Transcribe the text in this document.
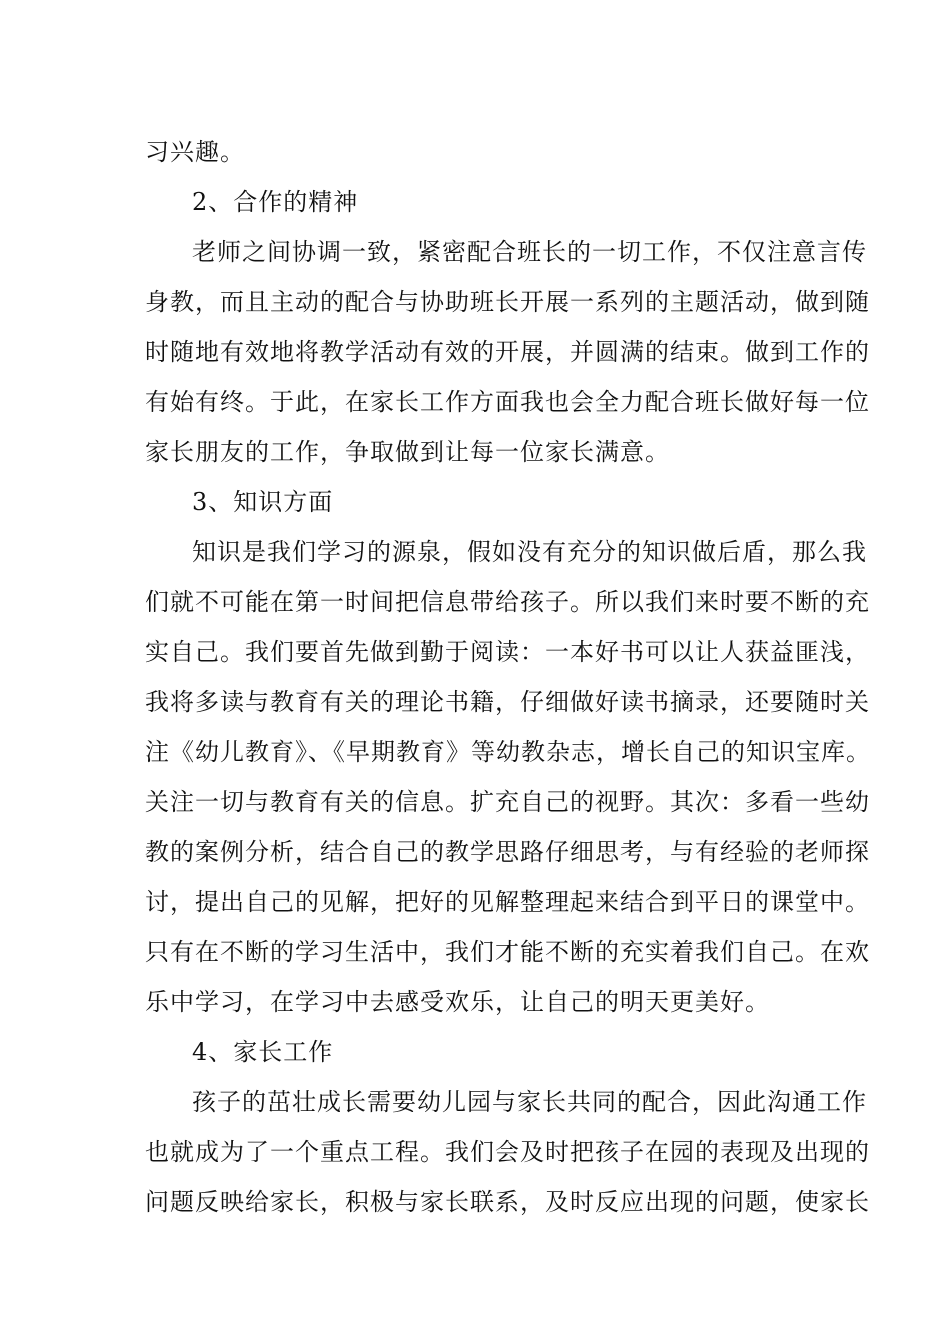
习兴趣。
2、合作的精神
老师之间协调一致，紧密配合班长的一切工作，不仅注意言传
身教，而且主动的配合与协助班长开展一系列的主题活动，做到随
时随地有效地将教学活动有效的开展，并圆满的结束。做到工作的
有始有终。于此，在家长工作方面我也会全力配合班长做好每一位
家长朋友的工作，争取做到让每一位家长满意。
3、知识方面
知识是我们学习的源泉，假如没有充分的知识做后盾，那么我
们就不可能在第一时间把信息带给孩子。所以我们来时要不断的充
实自己。我们要首先做到勤于阅读：一本好书可以让人获益匪浅，
我将多读与教育有关的理论书籍，仔细做好读书摘录，还要随时关
注《幼儿教育》、《早期教育》等幼教杂志，增长自己的知识宝库。
关注一切与教育有关的信息。扩充自己的视野。其次：多看一些幼
教的案例分析，结合自己的教学思路仔细思考，与有经验的老师探
讨，提出自己的见解，把好的见解整理起来结合到平日的课堂中。
只有在不断的学习生活中，我们才能不断的充实着我们自己。在欢
乐中学习，在学习中去感受欢乐，让自己的明天更美好。
4、家长工作
孩子的茁壮成长需要幼儿园与家长共同的配合，因此沟通工作
也就成为了一个重点工程。我们会及时把孩子在园的表现及出现的
问题反映给家长，积极与家长联系，及时反应出现的问题，使家长
